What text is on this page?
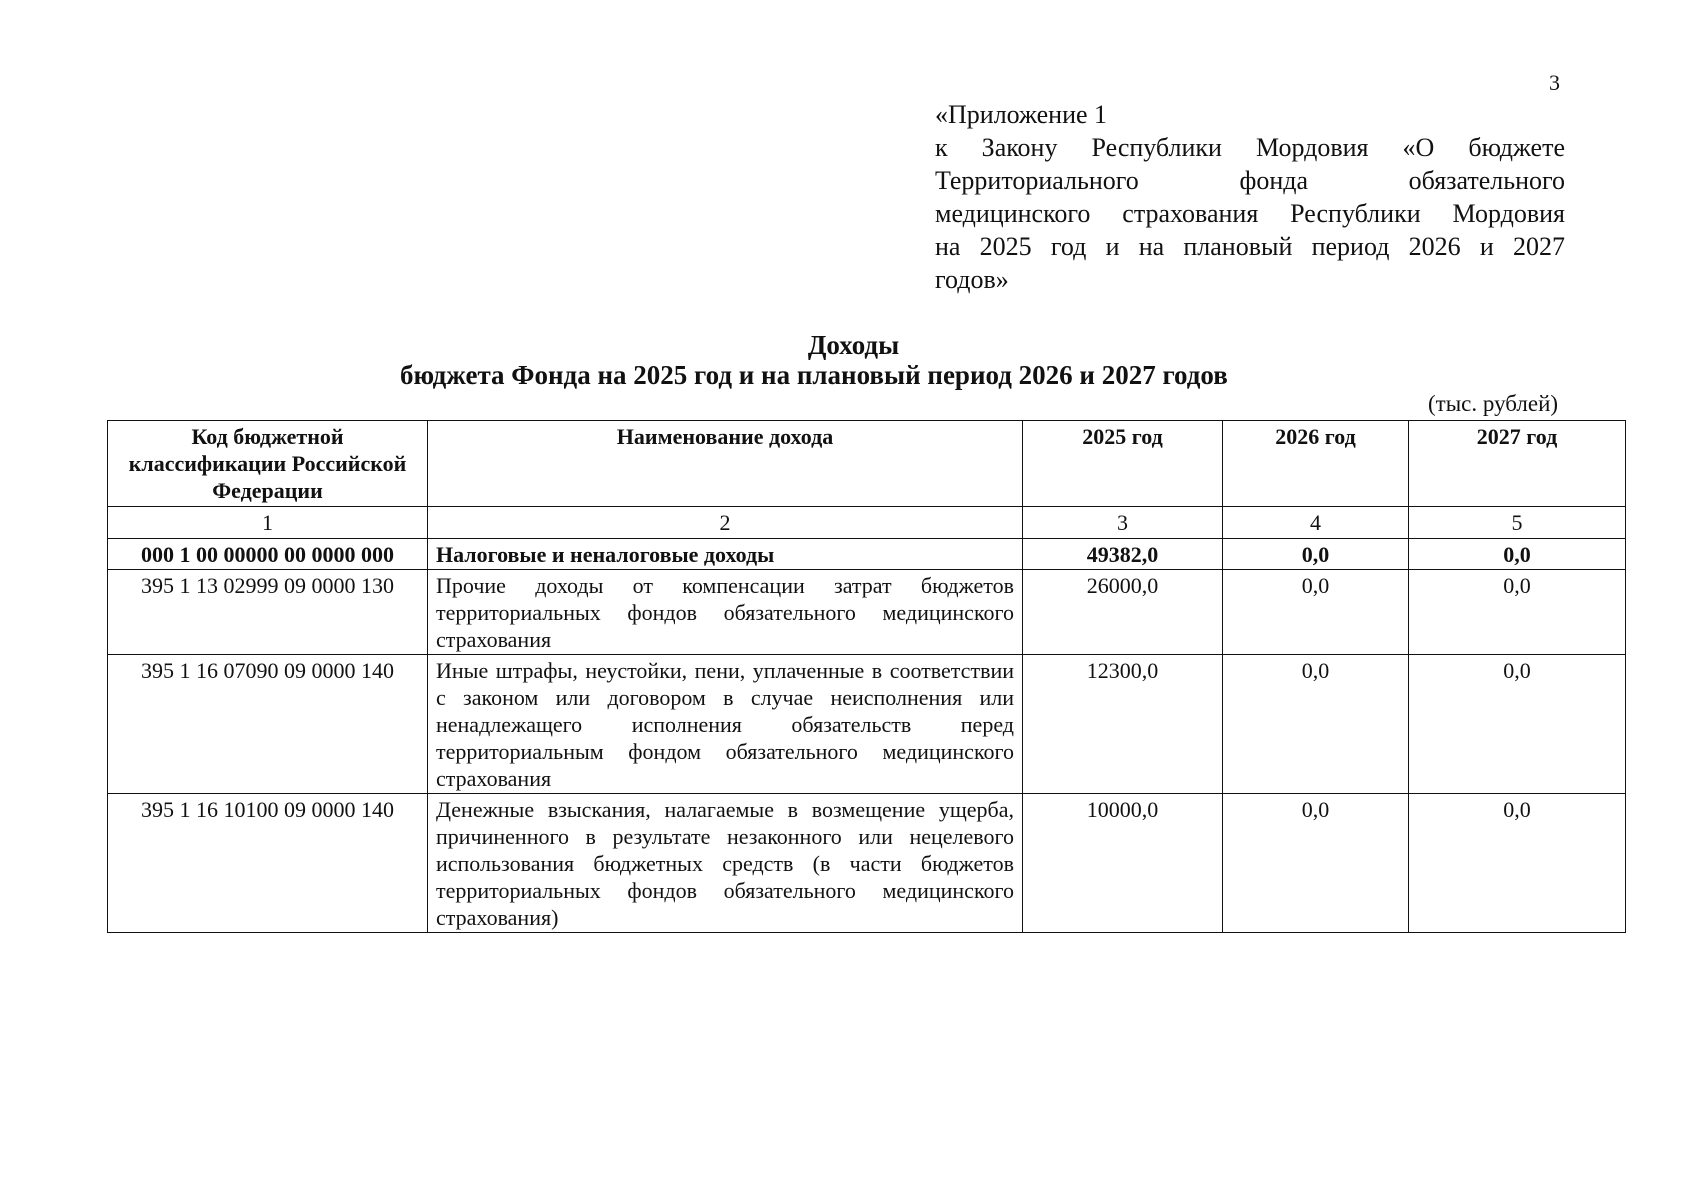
3
«Приложение 1
к Закону Республики Мордовия «О бюджете
Территориального фонда обязательного
медицинского страхования Республики Мордовия
на 2025 год и на плановый период 2026 и 2027
годов»
Доходы
бюджета Фонда на 2025 год и на плановый период 2026 и 2027 годов
(тыс. рублей)
Код бюджетной классификации Российской Федерации	Наименование дохода	2025 год	2026 год	2027 год
1	2	3	4	5
000 1 00 00000 00 0000 000	Налоговые и неналоговые доходы	49382,0	0,0	0,0
395 1 13 02999 09 0000 130	Прочие доходы от компенсации затрат бюджетов территориальных фондов обязательного медицинского страхования	26000,0	0,0	0,0
395 1 16 07090 09 0000 140	Иные штрафы, неустойки, пени, уплаченные в соответствии с законом или договором в случае неисполнения или ненадлежащего исполнения обязательств перед территориальным фондом обязательного медицинского страхования	12300,0	0,0	0,0
395 1 16 10100 09 0000 140	Денежные взыскания, налагаемые в возмещение ущерба, причиненного в результате незаконного или нецелевого использования бюджетных средств (в части бюджетов территориальных фондов обязательного медицинского страхования)	10000,0	0,0	0,0
